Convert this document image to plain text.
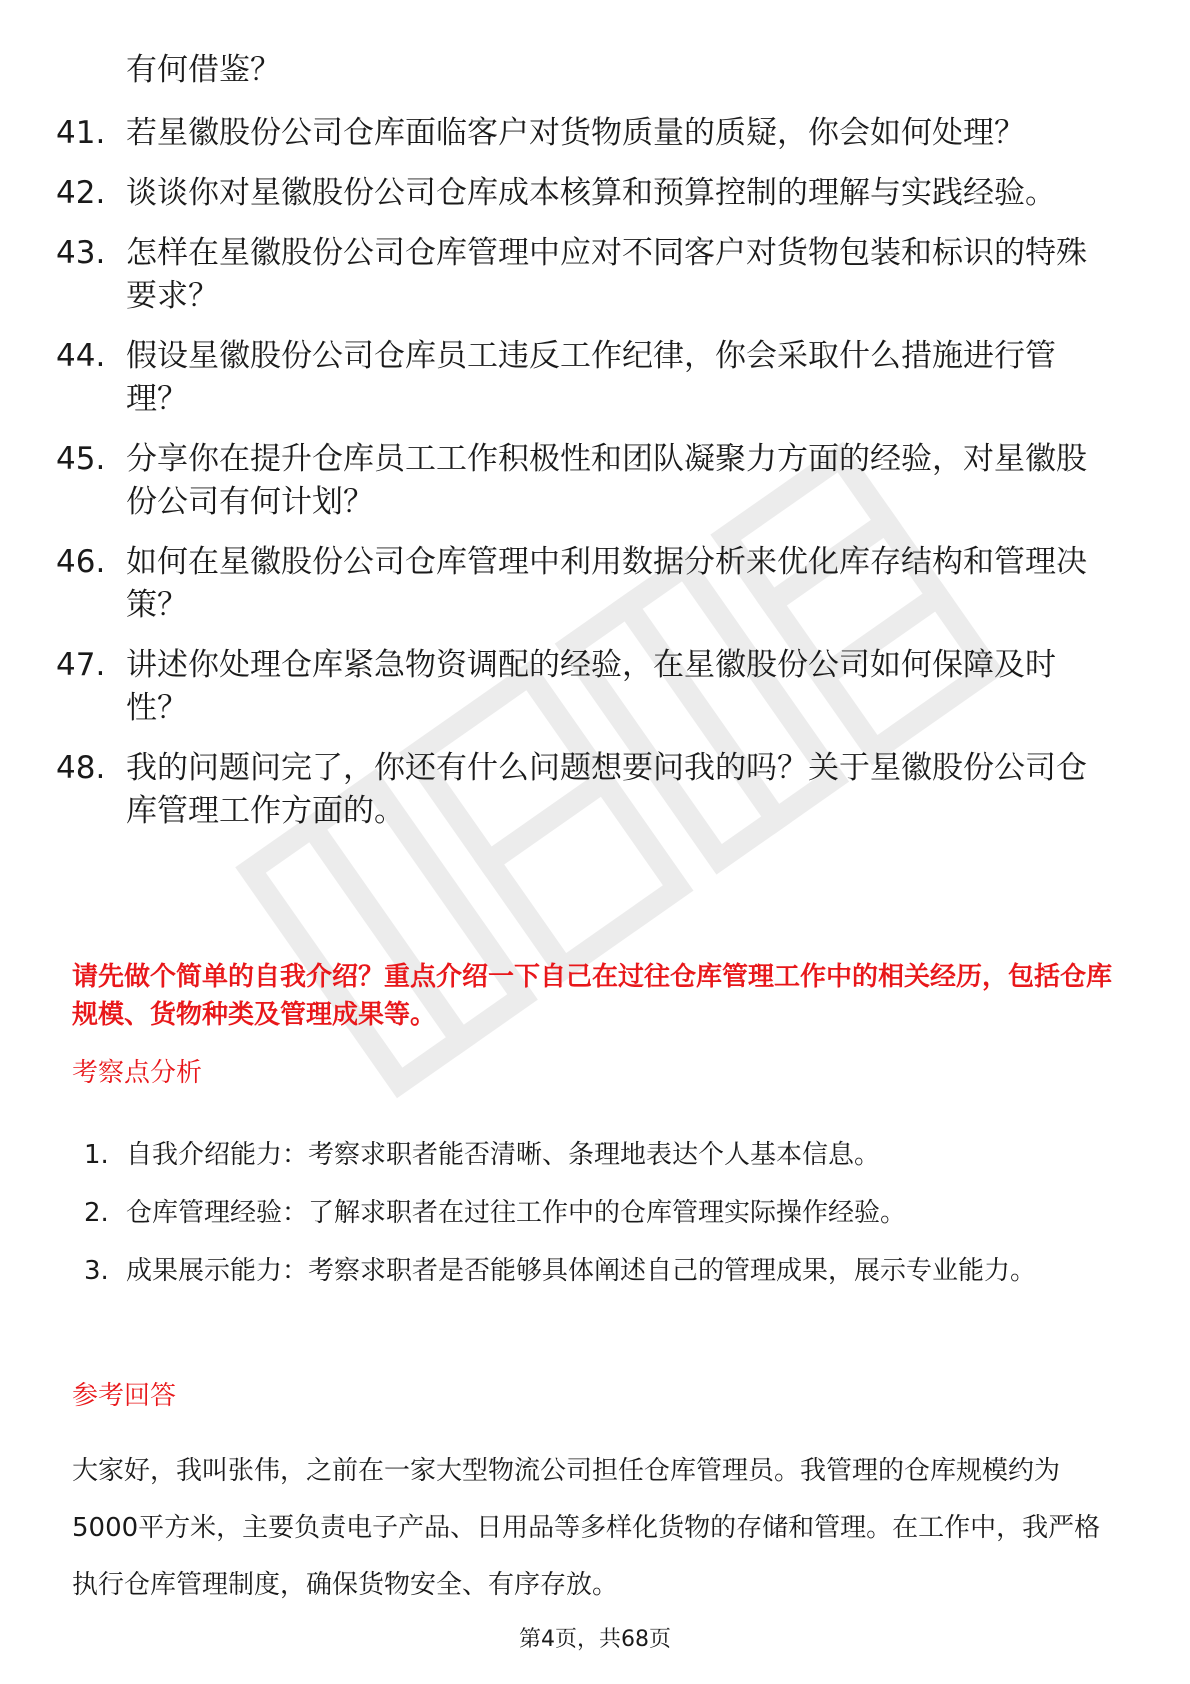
有何借鉴？
41. 若星徽股份公司仓库面临客户对货物质量的质疑，你会如何处理？
42. 谈谈你对星徽股份公司仓库成本核算和预算控制的理解与实践经验。
43. 怎样在星徽股份公司仓库管理中应对不同客户对货物包装和标识的特殊要求？
44. 假设星徽股份公司仓库员工违反工作纪律，你会采取什么措施进行管理？
45. 分享你在提升仓库员工工作积极性和团队凝聚力方面的经验，对星徽股份公司有何计划？
46. 如何在星徽股份公司仓库管理中利用数据分析来优化库存结构和管理决策？
47. 讲述你处理仓库紧急物资调配的经验，在星徽股份公司如何保障及时性？
48. 我的问题问完了，你还有什么问题想要问我的吗？关于星徽股份公司仓库管理工作方面的。
请先做个简单的自我介绍？重点介绍一下自己在过往仓库管理工作中的相关经历，包括仓库规模、货物种类及管理成果等。
考察点分析
1. 自我介绍能力：考察求职者能否清晰、条理地表达个人基本信息。
2. 仓库管理经验：了解求职者在过往工作中的仓库管理实际操作经验。
3. 成果展示能力：考察求职者是否能够具体阐述自己的管理成果，展示专业能力。
参考回答
大家好，我叫张伟，之前在一家大型物流公司担任仓库管理员。我管理的仓库规模约为5000平方米，主要负责电子产品、日用品等多样化货物的存储和管理。在工作中，我严格执行仓库管理制度，确保货物安全、有序存放。
第4页，共68页
